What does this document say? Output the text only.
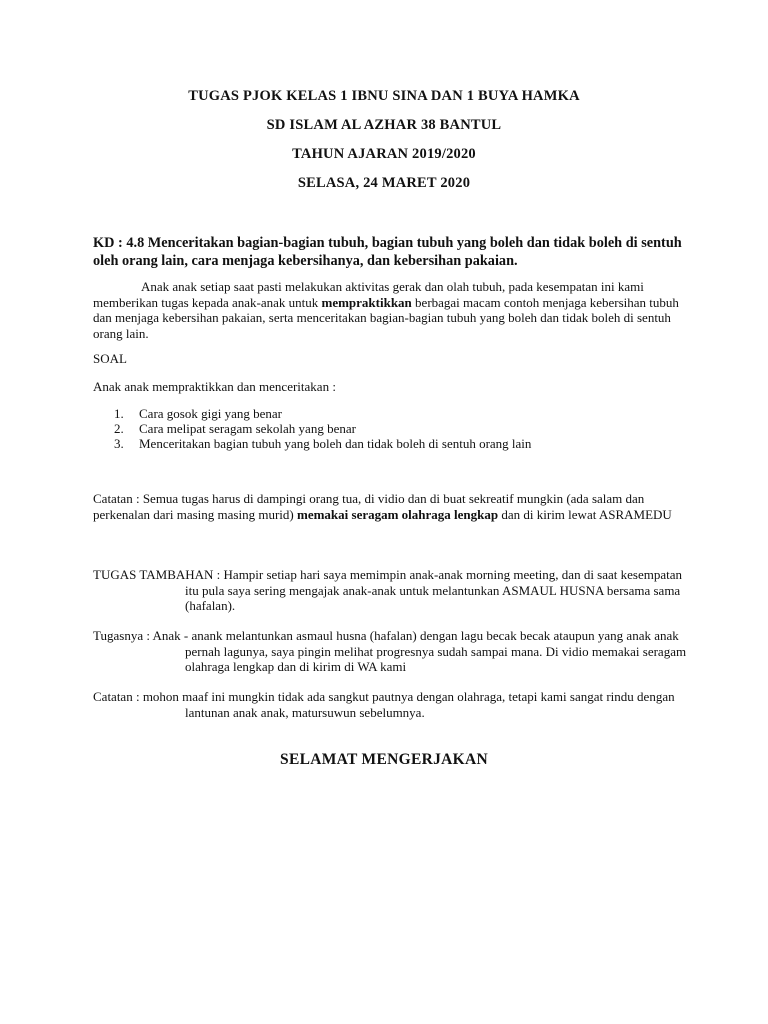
TUGAS PJOK KELAS 1 IBNU SINA DAN 1 BUYA HAMKA
SD ISLAM AL AZHAR 38 BANTUL
TAHUN AJARAN 2019/2020
SELASA, 24 MARET 2020
KD : 4.8 Menceritakan bagian-bagian tubuh, bagian tubuh yang boleh dan tidak boleh di sentuh oleh orang lain, cara menjaga kebersihanya, dan kebersihan pakaian.
Anak anak setiap saat pasti melakukan aktivitas gerak dan olah tubuh, pada kesempatan ini kami memberikan tugas kepada anak-anak untuk mempraktikkan berbagai macam contoh menjaga kebersihan tubuh dan menjaga kebersihan pakaian, serta menceritakan bagian-bagian tubuh yang boleh dan tidak boleh di sentuh orang lain.
SOAL
Anak anak mempraktikkan dan menceritakan :
1. Cara gosok gigi yang benar
2. Cara melipat seragam sekolah yang benar
3. Menceritakan bagian tubuh yang boleh dan tidak boleh di sentuh orang lain
Catatan : Semua tugas harus di dampingi orang tua, di vidio dan di buat sekreatif mungkin (ada salam dan perkenalan dari masing masing murid) memakai seragam olahraga lengkap dan di kirim lewat ASRAMEDU
TUGAS TAMBAHAN : Hampir setiap hari saya memimpin anak-anak morning meeting, dan di saat kesempatan itu pula saya sering mengajak anak-anak untuk melantunkan ASMAUL HUSNA bersama sama (hafalan).
Tugasnya : Anak - anank melantunkan asmaul husna (hafalan) dengan lagu becak becak ataupun yang anak anak pernah lagunya, saya pingin melihat progresnya sudah sampai mana. Di vidio memakai seragam olahraga lengkap dan di kirim di WA kami
Catatan : mohon maaf ini mungkin tidak ada sangkut pautnya dengan olahraga, tetapi kami sangat rindu dengan lantunan anak anak, matursuwun sebelumnya.
SELAMAT MENGERJAKAN
